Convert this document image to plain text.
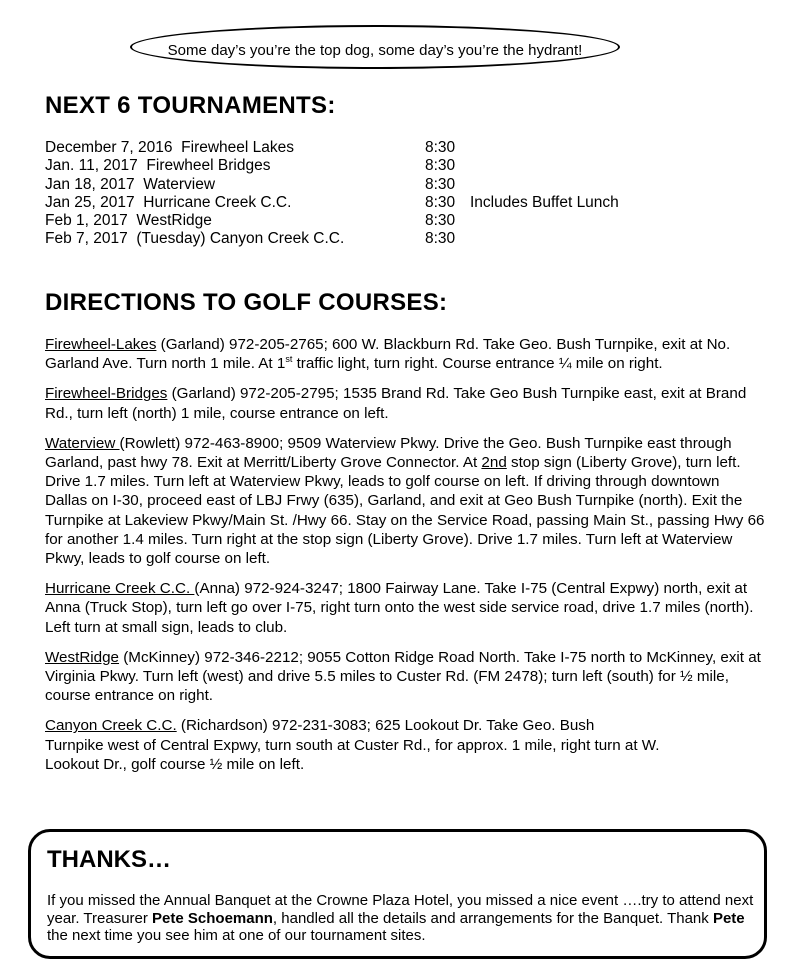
Some day’s you’re the top dog, some day’s you’re the hydrant!
NEXT 6 TOURNAMENTS:
December 7, 2016 Firewheel Lakes	8:30
Jan. 11, 2017 Firewheel Bridges	8:30
Jan 18, 2017 Waterview	8:30
Jan 25, 2017 Hurricane Creek C.C.	8:30 Includes Buffet Lunch
Feb 1, 2017 WestRidge	8:30
Feb 7, 2017 (Tuesday) Canyon Creek C.C.	8:30
DIRECTIONS TO GOLF COURSES:

Firewheel-Lakes (Garland) 972-205-2765; 600 W. Blackburn Rd. Take Geo. Bush Turnpike, exit at No. Garland Ave. Turn north 1 mile. At 1st traffic light, turn right. Course entrance ¼ mile on right.

Firewheel-Bridges (Garland) 972-205-2795; 1535 Brand Rd. Take Geo Bush Turnpike east, exit at Brand Rd., turn left (north) 1 mile, course entrance on left.

Waterview (Rowlett) 972-463-8900; 9509 Waterview Pkwy. Drive the Geo. Bush Turnpike east through Garland, past hwy 78. Exit at Merritt/Liberty Grove Connector. At 2nd stop sign (Liberty Grove), turn left. Drive 1.7 miles. Turn left at Waterview Pkwy, leads to golf course on left. If driving through downtown Dallas on I-30, proceed east of LBJ Frwy (635), Garland, and exit at Geo Bush Turnpike (north). Exit the Turnpike at Lakeview Pkwy/Main St. /Hwy 66. Stay on the Service Road, passing Main St., passing Hwy 66 for another 1.4 miles. Turn right at the stop sign (Liberty Grove). Drive 1.7 miles. Turn left at Waterview Pkwy, leads to golf course on left.

Hurricane Creek C.C. (Anna) 972-924-3247; 1800 Fairway Lane. Take I-75 (Central Expwy) north, exit at Anna (Truck Stop), turn left go over I-75, right turn onto the west side service road, drive 1.7 miles (north). Left turn at small sign, leads to club.

WestRidge (McKinney) 972-346-2212; 9055 Cotton Ridge Road North. Take I-75 north to McKinney, exit at Virginia Pkwy. Turn left (west) and drive 5.5 miles to Custer Rd. (FM 2478); turn left (south) for ½ mile, course entrance on right.

Canyon Creek C.C. (Richardson) 972-231-3083; 625 Lookout Dr. Take Geo. Bush
Turnpike west of Central Expwy, turn south at Custer Rd., for approx. 1 mile, right turn at W.
Lookout Dr., golf course ½ mile on left.

THANKS…
If you missed the Annual Banquet at the Crowne Plaza Hotel, you missed a nice event ….try to attend next year. Treasurer Pete Schoemann, handled all the details and arrangements for the Banquet. Thank Pete the next time you see him at one of our tournament sites.
